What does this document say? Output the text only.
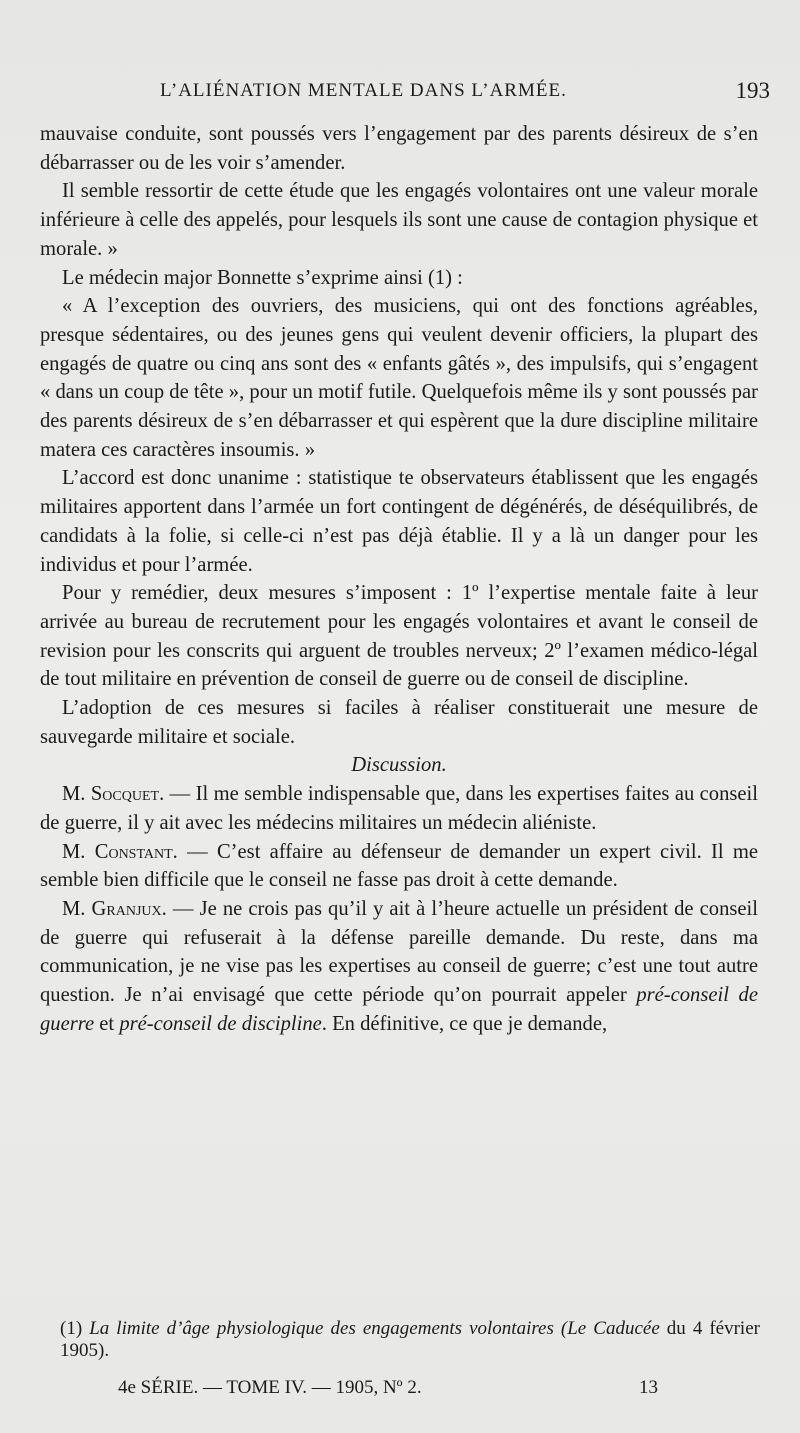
L’ALIÉNATION MENTALE DANS L’ARMÉE.	193

mauvaise conduite, sont poussés vers l’engagement par des parents désireux de s’en débarrasser ou de les voir s’amender.

Il semble ressortir de cette étude que les engagés volontaires ont une valeur morale inférieure à celle des appelés, pour lesquels ils sont une cause de contagion physique et morale. »

Le médecin major Bonnette s’exprime ainsi (1) :

« A l’exception des ouvriers, des musiciens, qui ont des fonctions agréables, presque sédentaires, ou des jeunes gens qui veulent devenir officiers, la plupart des engagés de quatre ou cinq ans sont des « enfants gâtés », des impulsifs, qui s’engagent « dans un coup de tête », pour un motif futile. Quelquefois même ils y sont poussés par des parents désireux de s’en débarrasser et qui espèrent que la dure discipline militaire matera ces caractères insoumis. »

L’accord est donc unanime : statistique te observateurs établissent que les engagés militaires apportent dans l’armée un fort contingent de dégénérés, de déséquilibrés, de candidats à la folie, si celle-ci n’est pas déjà établie. Il y a là un danger pour les individus et pour l’armée.

Pour y remédier, deux mesures s’imposent : 1º l’expertise mentale faite à leur arrivée au bureau de recrutement pour les engagés volontaires et avant le conseil de revision pour les conscrits qui arguent de troubles nerveux; 2º l’examen médico-légal de tout militaire en prévention de conseil de guerre ou de conseil de discipline.

L’adoption de ces mesures si faciles à réaliser constituerait une mesure de sauvegarde militaire et sociale.

Discussion.

M. Socquet. — Il me semble indispensable que, dans les expertises faites au conseil de guerre, il y ait avec les médecins militaires un médecin aliéniste.

M. Constant. — C’est affaire au défenseur de demander un expert civil. Il me semble bien difficile que le conseil ne fasse pas droit à cette demande.

M. Granjux. — Je ne crois pas qu’il y ait à l’heure actuelle un président de conseil de guerre qui refuserait à la défense pareille demande. Du reste, dans ma communication, je ne vise pas les expertises au conseil de guerre; c’est une tout autre question. Je n’ai envisagé que cette période qu’on pourrait appeler pré-conseil de guerre et pré-conseil de discipline. En définitive, ce que je demande,

(1) La limite d’âge physiologique des engagements volontaires (Le Caducée du 4 février 1905).
4e SÉRIE. — TOME IV. — 1905, Nº 2.	13
